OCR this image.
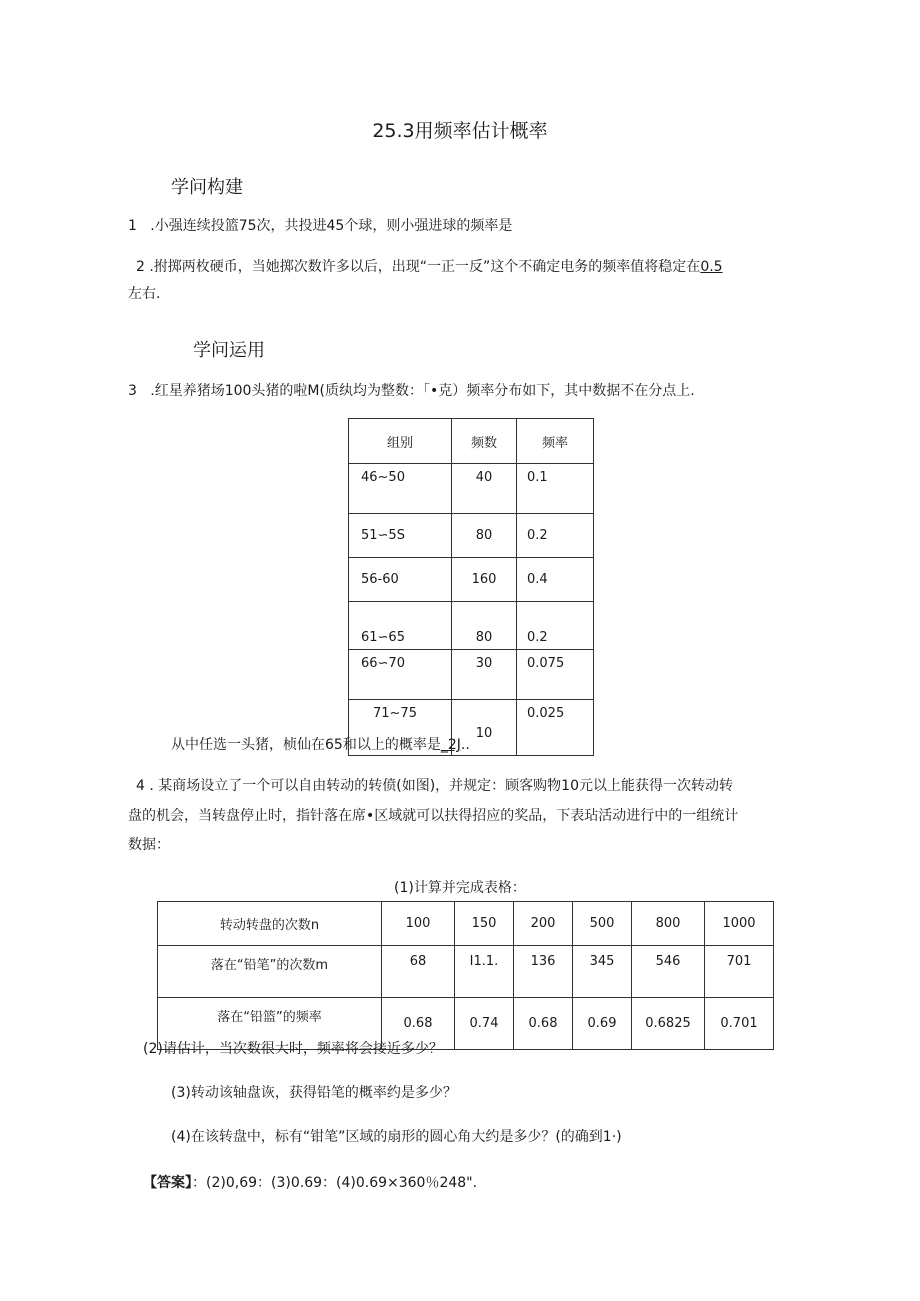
25.3用频率估计概率
学问构建
1   .小强连续投篮75次，共投进45个球，则小强进球的频率是
2 .拊掷两枚硬币，当她掷次数许多以后，出现“一正一反”这个不确定电务的频率值将稳定在0.5
左右.
学问运用
3   .红星养猪场100头猪的啦M(质纨均为整数：「•克）频率分布如下，其中数据不在分点上.
组别	频数	频率
46~50	40	0.1
51∽5S	80	0.2
56-60	160	0.4
61∽65	80	0.2
66∽70	30	0.075
71~75	10	0.025
从中任选一头猪，桢仙在65和以上的概率是_2J..
4 . 某商场设立了一个可以自由转动的转偾(如图)，并规定：顾客购物10元以上能获得一次转动转
盘的机会，当转盘停止时，指针落在席•区域就可以扶得招应的奖品，下表玷活动进行中的一组统计
数据：
(1)计算并完成表格：
转动转盘的次数n	100	150	200	500	800	1000
落在“铅笔”的次数m	68	I1.1.	136	345	546	701
落在“铅篮”的频率	0.68	0.74	0.68	0.69	0.6825	0.701
(2)请估计，当次数很大时，频率将会接近多少？
(3)转动该轴盘诙，获得铅笔的概率约是多少？
(4)在该转盘中，标有“钳笔”区域的扇形的圆心角大约是多少？(的确到1·)
【答案】：(2)0,69：(3)0.69：(4)0.69×360％248".
